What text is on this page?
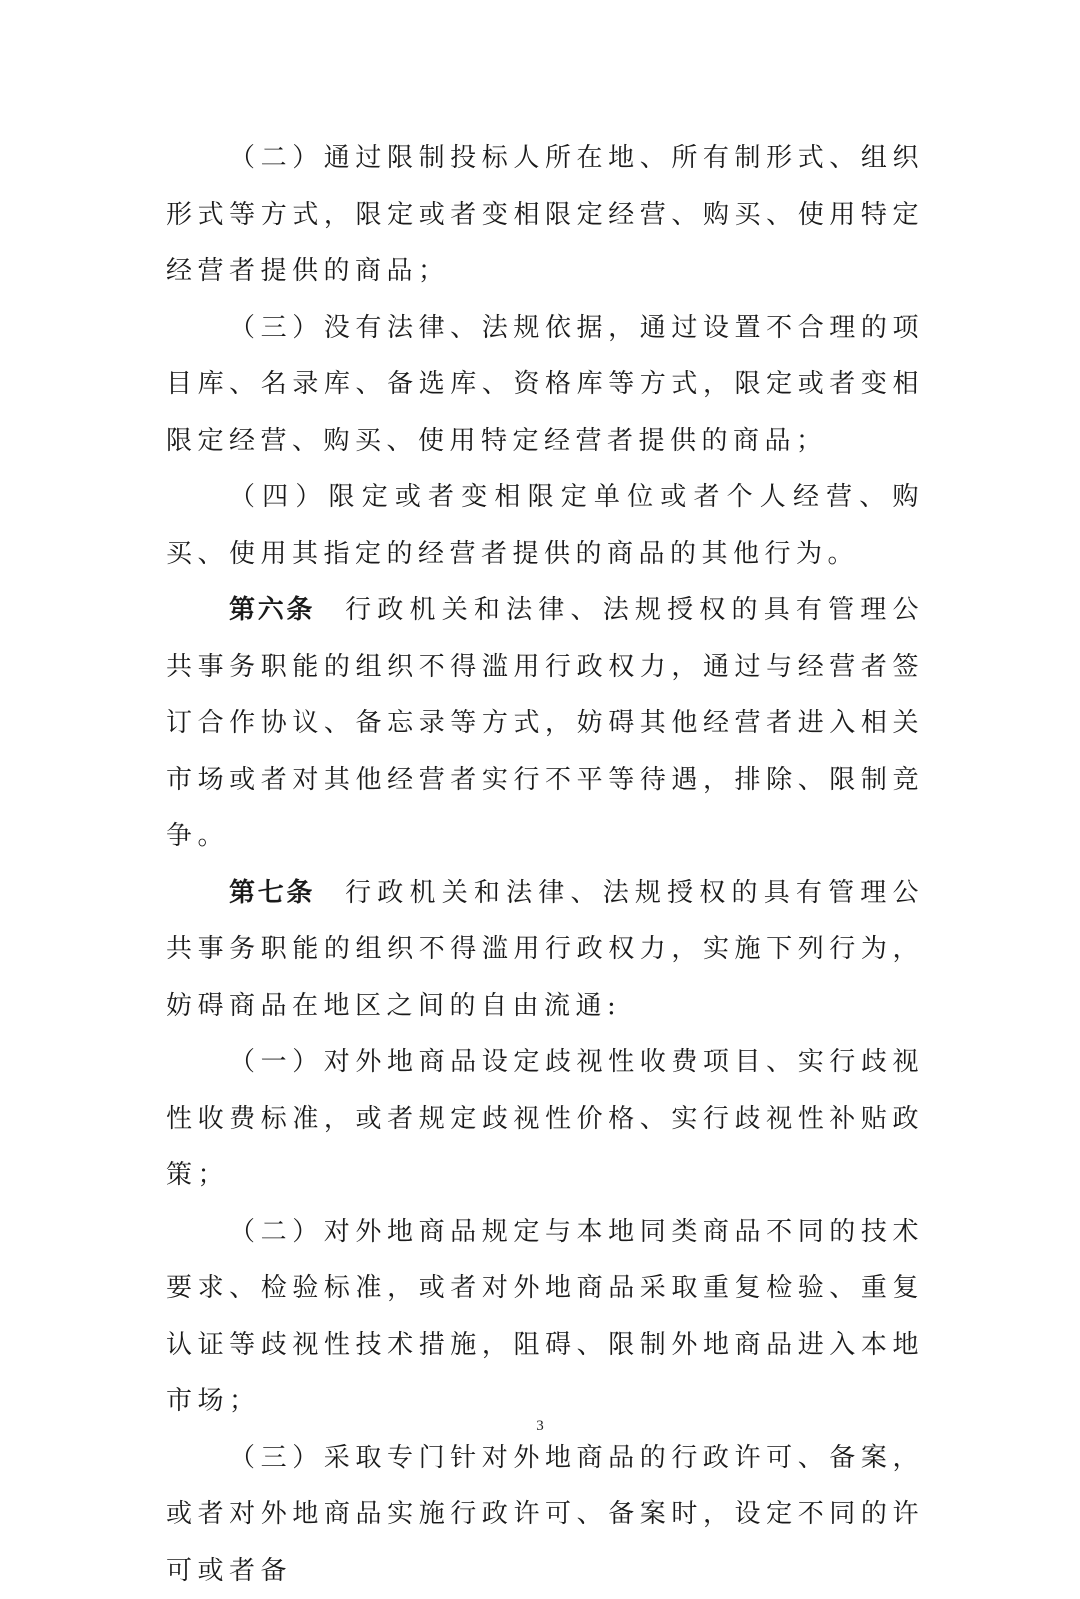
（二）通过限制投标人所在地、所有制形式、组织形式等方式，限定或者变相限定经营、购买、使用特定经营者提供的商品；

（三）没有法律、法规依据，通过设置不合理的项目库、名录库、备选库、资格库等方式，限定或者变相限定经营、购买、使用特定经营者提供的商品；

（四）限定或者变相限定单位或者个人经营、购买、使用其指定的经营者提供的商品的其他行为。

第六条 行政机关和法律、法规授权的具有管理公共事务职能的组织不得滥用行政权力，通过与经营者签订合作协议、备忘录等方式，妨碍其他经营者进入相关市场或者对其他经营者实行不平等待遇，排除、限制竞争。

第七条 行政机关和法律、法规授权的具有管理公共事务职能的组织不得滥用行政权力，实施下列行为，妨碍商品在地区之间的自由流通:

（一）对外地商品设定歧视性收费项目、实行歧视性收费标准，或者规定歧视性价格、实行歧视性补贴政策；

（二）对外地商品规定与本地同类商品不同的技术要求、检验标准，或者对外地商品采取重复检验、重复认证等歧视性技术措施，阻碍、限制外地商品进入本地市场；

（三）采取专门针对外地商品的行政许可、备案，或者对外地商品实施行政许可、备案时，设定不同的许可或者备

3
